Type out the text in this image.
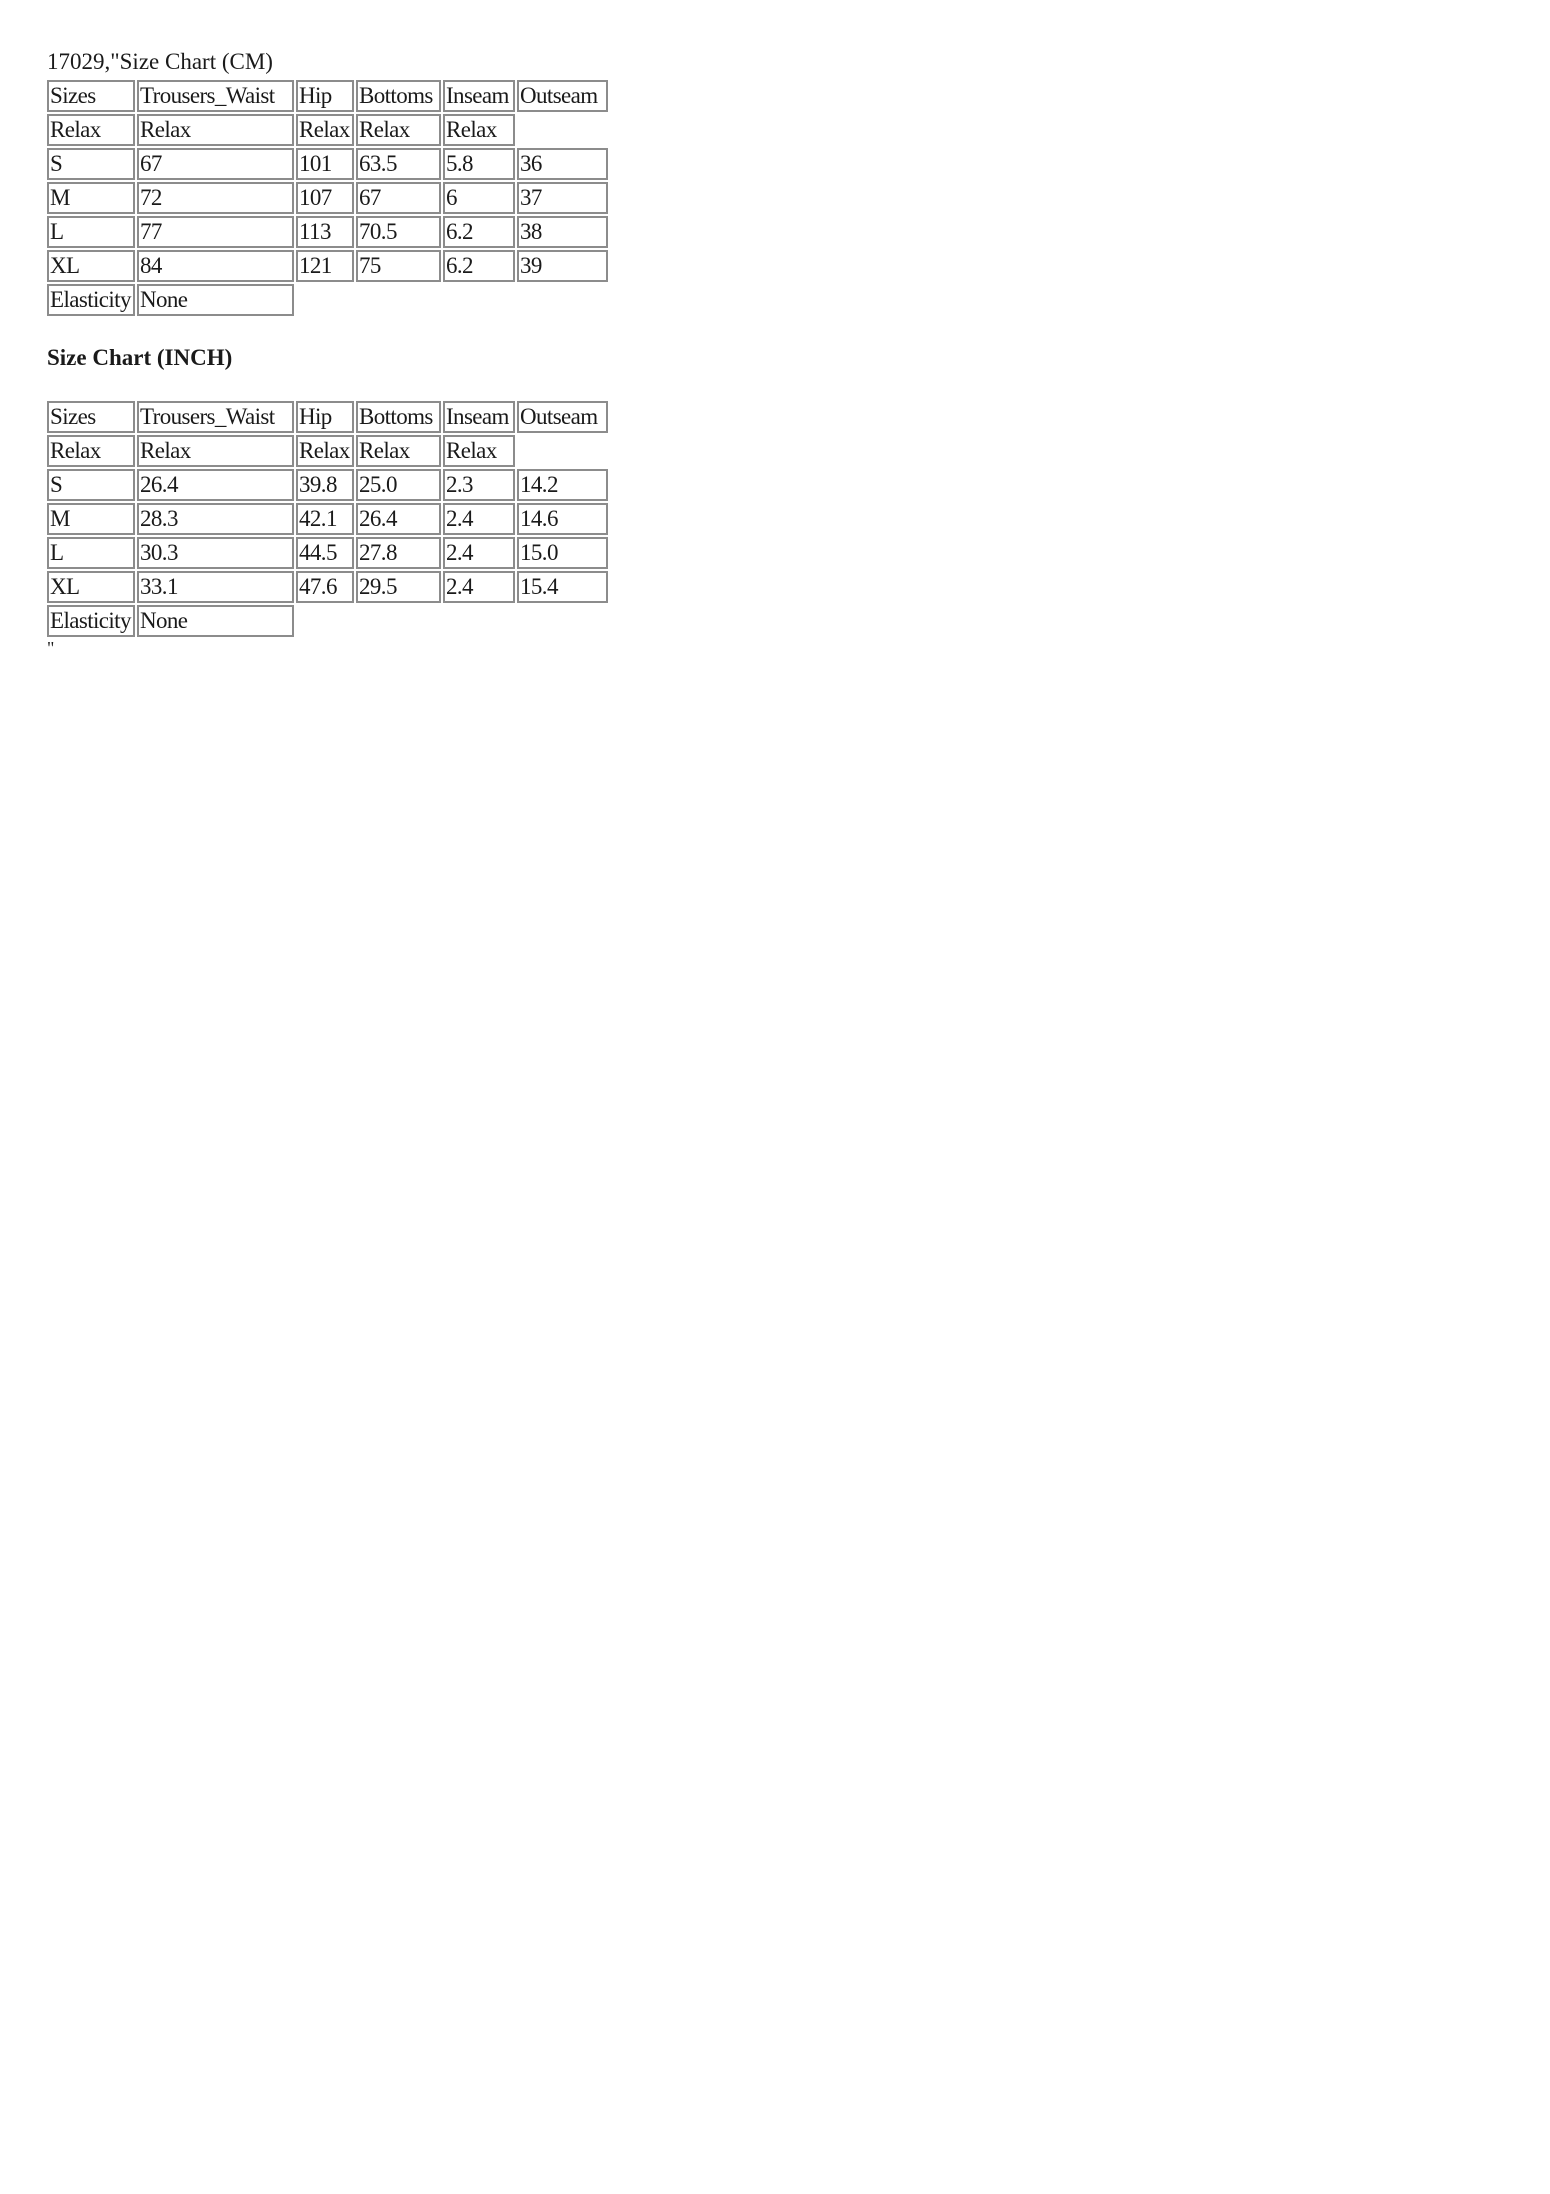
17029,"Size Chart (CM)
Sizes	Trousers_Waist	Hip	Bottoms	Inseam	Outseam
Relax	Relax	Relax	Relax	Relax	
S	67	101	63.5	5.8	36
M	72	107	67	6	37
L	77	113	70.5	6.2	38
XL	84	121	75	6.2	39
Elasticity	None				
Size Chart (INCH)
Sizes	Trousers_Waist	Hip	Bottoms	Inseam	Outseam
Relax	Relax	Relax	Relax	Relax	
S	26.4	39.8	25.0	2.3	14.2
M	28.3	42.1	26.4	2.4	14.6
L	30.3	44.5	27.8	2.4	15.0
XL	33.1	47.6	29.5	2.4	15.4
Elasticity	None				
"
